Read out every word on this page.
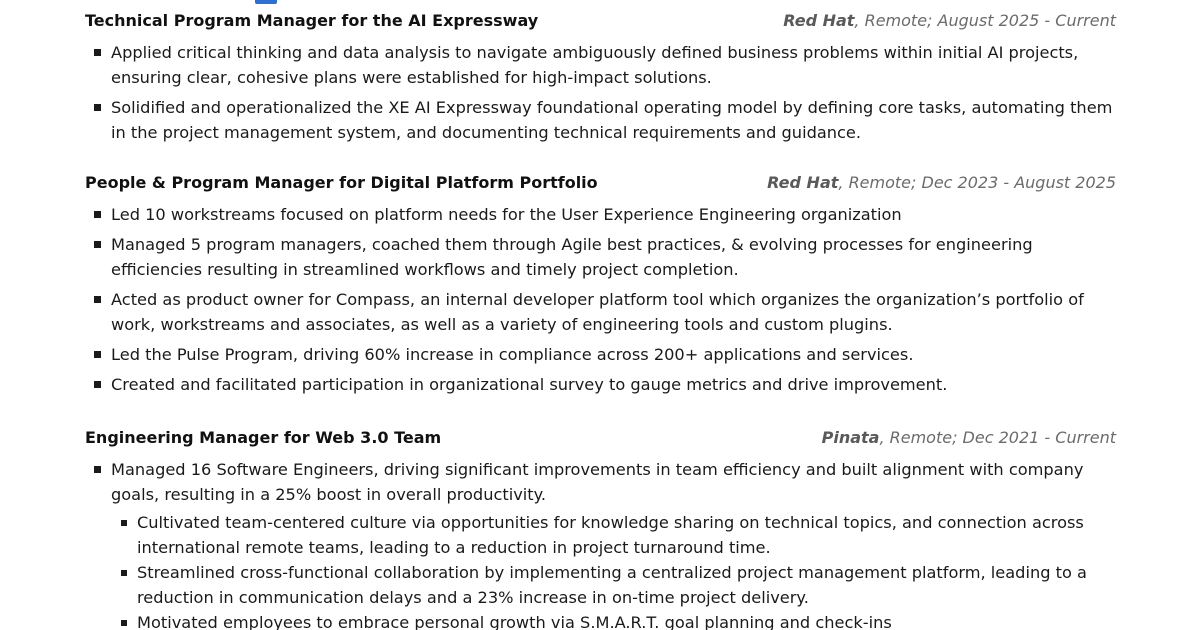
Technical Program Manager for the AI Expressway	Red Hat, Remote; August 2025 - Current
Applied critical thinking and data analysis to navigate ambiguously defined business problems within initial AI projects, ensuring clear, cohesive plans were established for high-impact solutions.
Solidified and operationalized the XE AI Expressway foundational operating model by defining core tasks, automating them in the project management system, and documenting technical requirements and guidance.
People & Program Manager for Digital Platform Portfolio	Red Hat, Remote; Dec 2023 - August 2025
Led 10 workstreams focused on platform needs for the User Experience Engineering organization
Managed 5 program managers, coached them through Agile best practices, & evolving processes for engineering efficiencies resulting in streamlined workflows and timely project completion.
Acted as product owner for Compass, an internal developer platform tool which organizes the organization’s portfolio of work, workstreams and associates, as well as a variety of engineering tools and custom plugins.
Led the Pulse Program, driving 60% increase in compliance across 200+ applications and services.
Created and facilitated participation in organizational survey to gauge metrics and drive improvement.
Engineering Manager for Web 3.0 Team	Pinata, Remote; Dec 2021 - Current
Managed 16 Software Engineers, driving significant improvements in team efficiency and built alignment with company goals, resulting in a 25% boost in overall productivity.
Cultivated team-centered culture via opportunities for knowledge sharing on technical topics, and connection across international remote teams, leading to a reduction in project turnaround time.
Streamlined cross-functional collaboration by implementing a centralized project management platform, leading to a reduction in communication delays and a 23% increase in on-time project delivery.
Motivated employees to embrace personal growth via S.M.A.R.T. goal planning and check-ins
